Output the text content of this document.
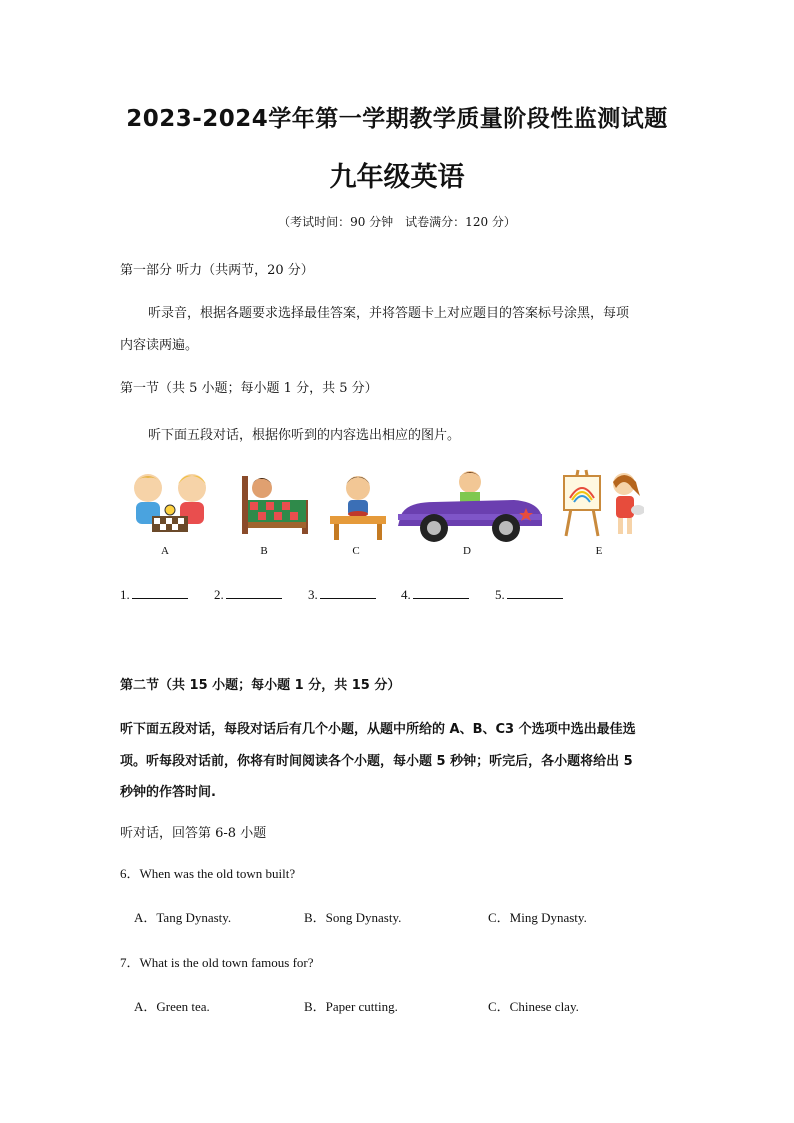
2023-2024学年第一学期教学质量阶段性监测试题
九年级英语
（考试时间：90 分钟　试卷满分：120 分）
第一部分 听力（共两节，20 分）
听录音，根据各题要求选择最佳答案，并将答题卡上对应题目的答案标号涂黑，每项
内容读两遍。
第一节（共 5 小题；每小题 1 分，共 5 分）
听下面五段对话，根据你听到的内容选出相应的图片。
A	B	C	D	E
1.	2.	3.	4.	5.
第二节（共 15 小题；每小题 1 分，共 15 分）
听下面五段对话，每段对话后有几个小题，从题中所给的 A、B、C3 个选项中选出最佳选
项。听每段对话前，你将有时间阅读各个小题，每小题 5 秒钟；听完后，各小题将给出 5
秒钟的作答时间.
听对话，回答第 6-8 小题
6．When was the old town built?
A．Tang Dynasty.	B．Song Dynasty.	C．Ming Dynasty.
7．What is the old town famous for?
A．Green tea.	B．Paper cutting.	C．Chinese clay.
